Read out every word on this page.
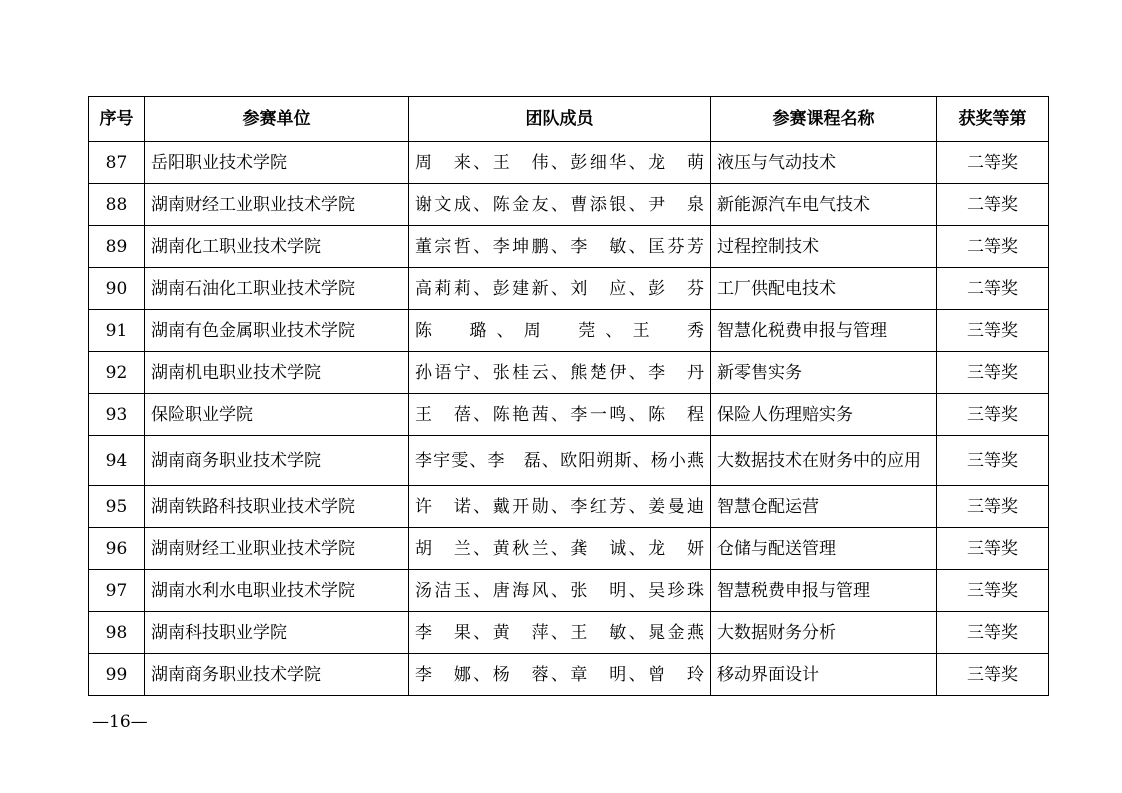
序号	参赛单位	团队成员	参赛课程名称	获奖等第
87	岳阳职业技术学院	周　来、王　伟、彭细华、龙　萌	液压与气动技术	二等奖
88	湖南财经工业职业技术学院	谢文成、陈金友、曹添银、尹　泉	新能源汽车电气技术	二等奖
89	湖南化工职业技术学院	董宗哲、李坤鹏、李　敏、匡芬芳	过程控制技术	二等奖
90	湖南石油化工职业技术学院	高莉莉、彭建新、刘　应、彭　芬	工厂供配电技术	二等奖
91	湖南有色金属职业技术学院	陈　璐、周　莞、王　秀	智慧化税费申报与管理	三等奖
92	湖南机电职业技术学院	孙语宁、张桂云、熊楚伊、李　丹	新零售实务	三等奖
93	保险职业学院	王　蓓、陈艳茜、李一鸣、陈　程	保险人伤理赔实务	三等奖
94	湖南商务职业技术学院	李宇雯、李　磊、欧阳朔斯、杨小燕	大数据技术在财务中的应用	三等奖
95	湖南铁路科技职业技术学院	许　诺、戴开勋、李红芳、姜曼迪	智慧仓配运营	三等奖
96	湖南财经工业职业技术学院	胡　兰、黄秋兰、龚　诚、龙　妍	仓储与配送管理	三等奖
97	湖南水利水电职业技术学院	汤洁玉、唐海风、张　明、吴珍珠	智慧税费申报与管理	三等奖
98	湖南科技职业学院	李　果、黄　萍、王　敏、晁金燕	大数据财务分析	三等奖
99	湖南商务职业技术学院	李　娜、杨　蓉、章　明、曾　玲	移动界面设计	三等奖
—16—
